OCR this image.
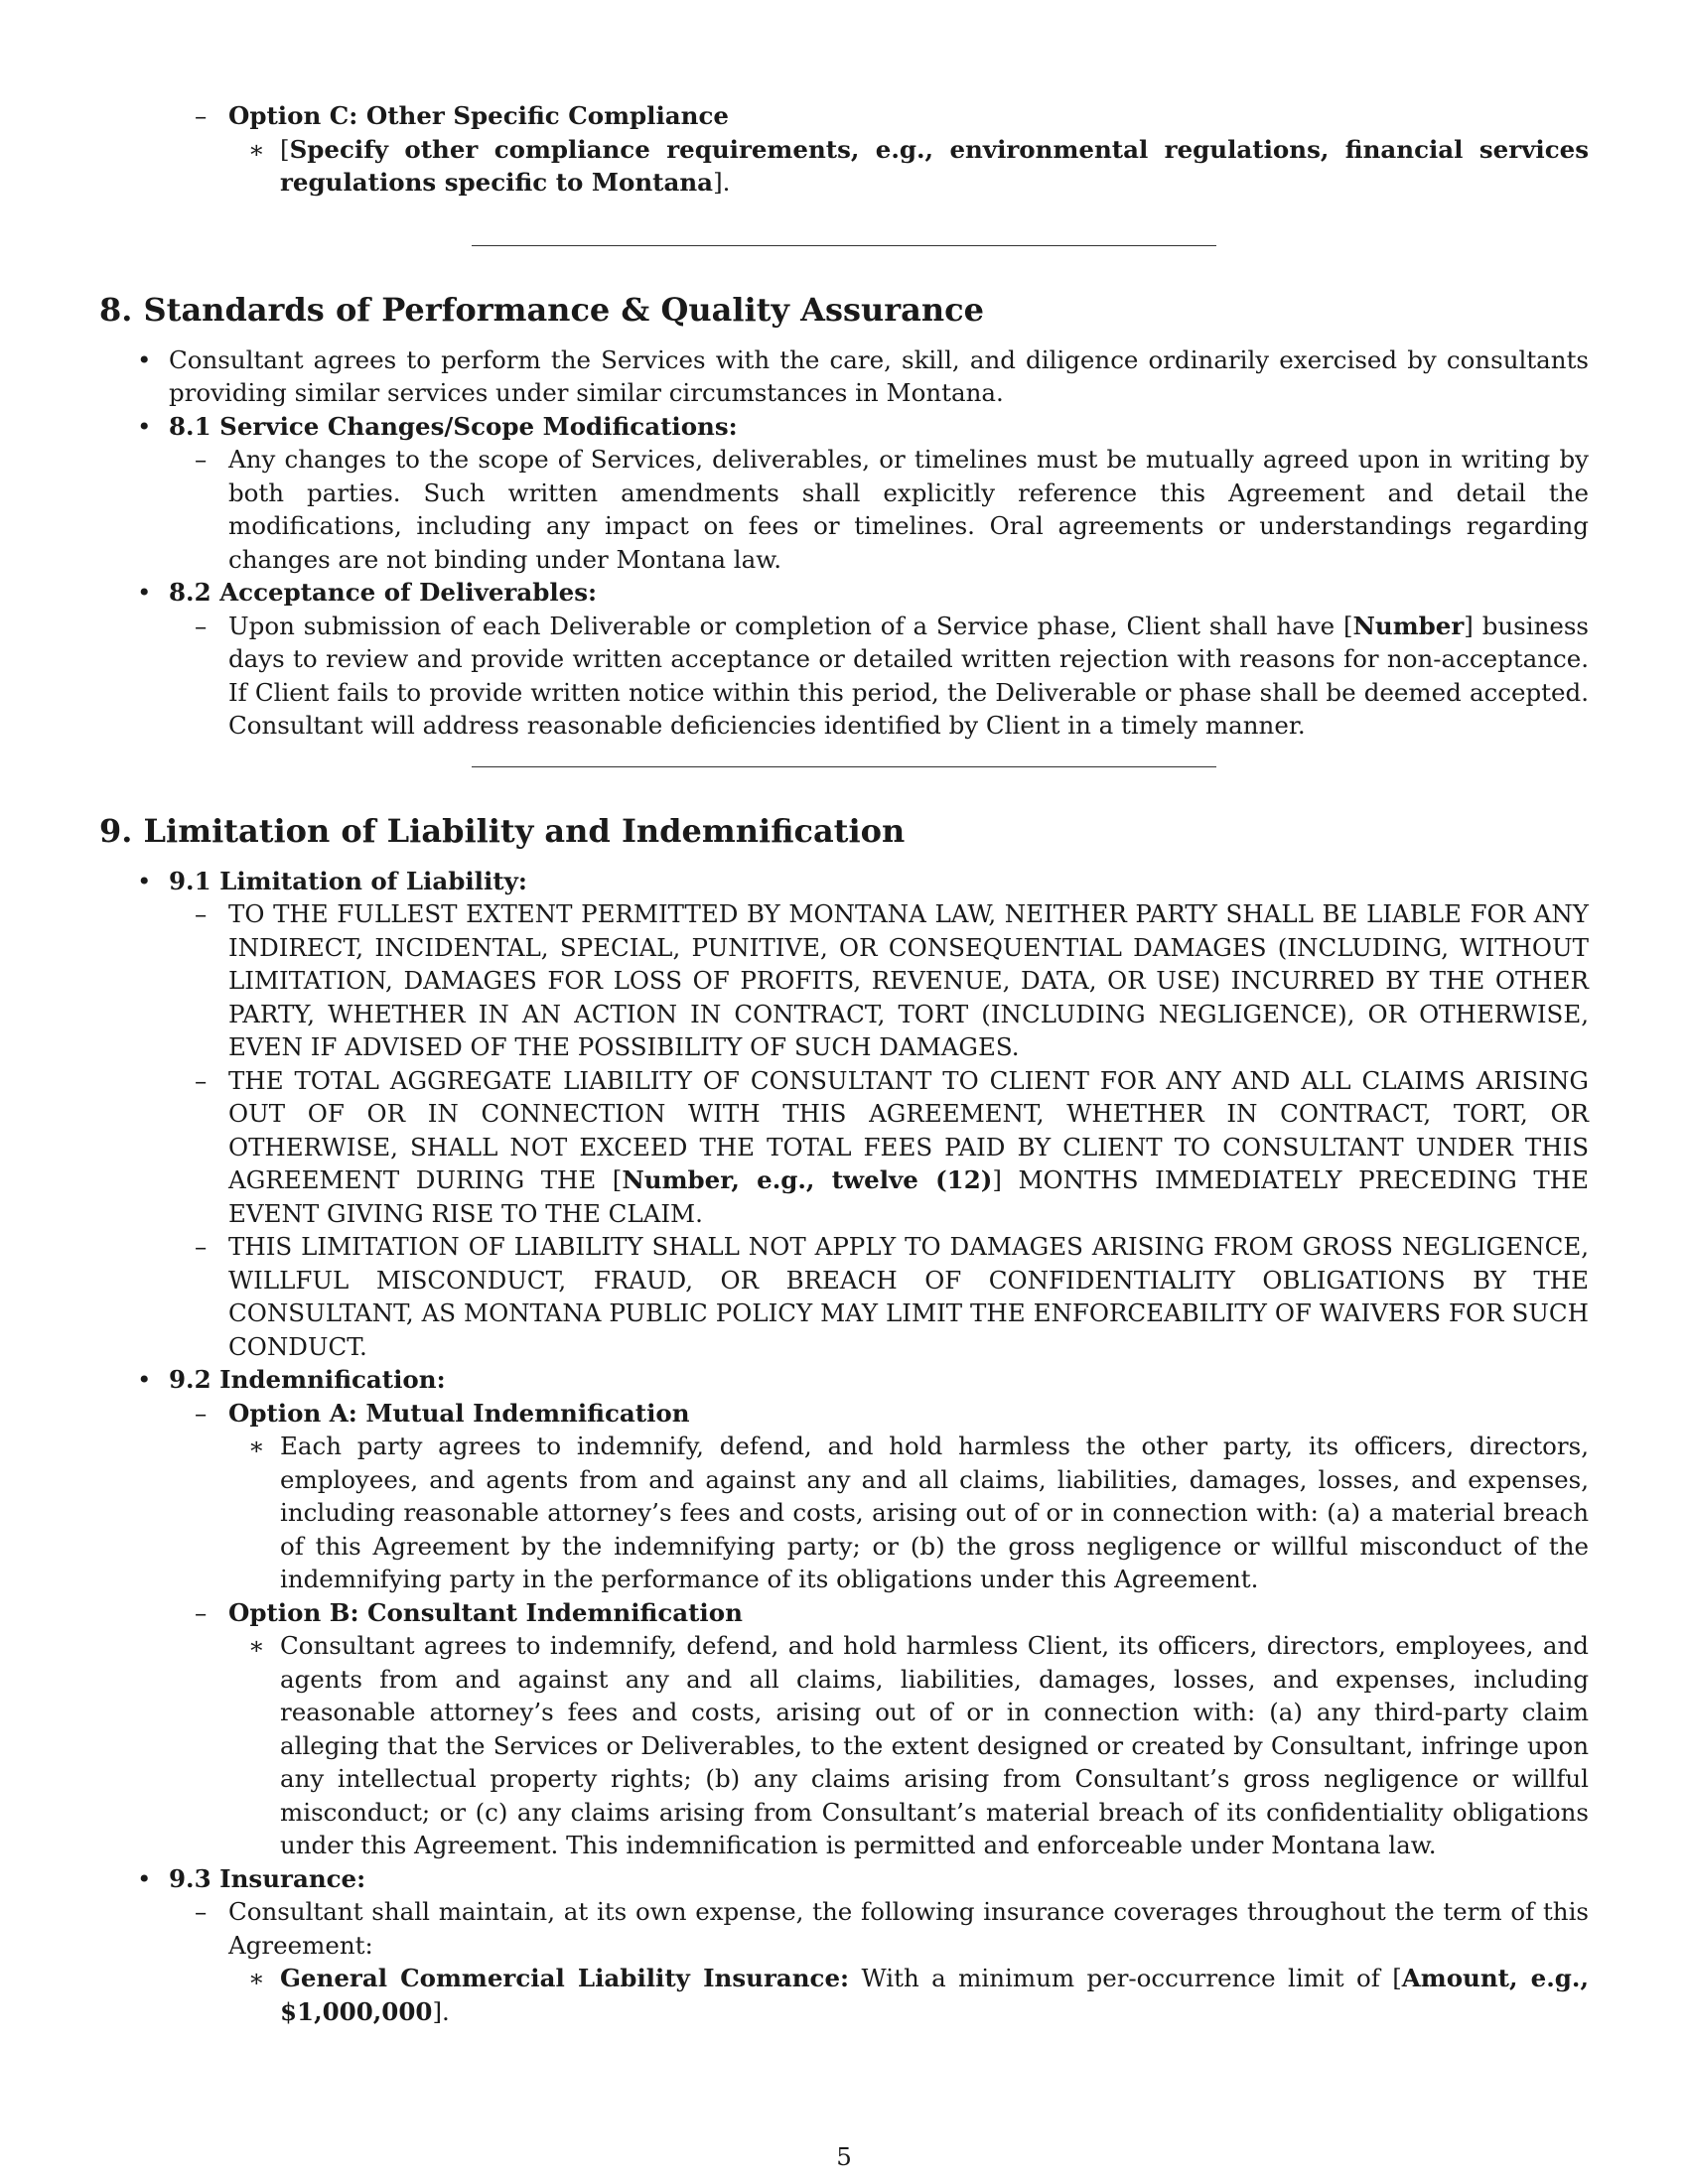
– Option C: Other Specific Compliance
∗ [Specify other compliance requirements, e.g., environmental regulations, financial services regulations specific to Montana].
8. Standards of Performance & Quality Assurance
• Consultant agrees to perform the Services with the care, skill, and diligence ordinarily exercised by consultants providing similar services under similar circumstances in Montana.
• 8.1 Service Changes/Scope Modifications:
– Any changes to the scope of Services, deliverables, or timelines must be mutually agreed upon in writing by both parties. Such written amendments shall explicitly reference this Agreement and detail the modifications, including any impact on fees or timelines. Oral agreements or understandings regarding changes are not binding under Montana law.
• 8.2 Acceptance of Deliverables:
– Upon submission of each Deliverable or completion of a Service phase, Client shall have [Number] business days to review and provide written acceptance or detailed written rejection with reasons for non-acceptance. If Client fails to provide written notice within this period, the Deliverable or phase shall be deemed accepted. Consultant will address reasonable deficiencies identified by Client in a timely manner.
9. Limitation of Liability and Indemnification
• 9.1 Limitation of Liability:
– TO THE FULLEST EXTENT PERMITTED BY MONTANA LAW, NEITHER PARTY SHALL BE LIABLE FOR ANY INDIRECT, INCIDENTAL, SPECIAL, PUNITIVE, OR CONSEQUENTIAL DAMAGES (INCLUDING, WITHOUT LIMITATION, DAMAGES FOR LOSS OF PROFITS, REVENUE, DATA, OR USE) INCURRED BY THE OTHER PARTY, WHETHER IN AN ACTION IN CONTRACT, TORT (INCLUDING NEGLIGENCE), OR OTHERWISE, EVEN IF ADVISED OF THE POSSIBILITY OF SUCH DAMAGES.
– THE TOTAL AGGREGATE LIABILITY OF CONSULTANT TO CLIENT FOR ANY AND ALL CLAIMS ARISING OUT OF OR IN CONNECTION WITH THIS AGREEMENT, WHETHER IN CONTRACT, TORT, OR OTHERWISE, SHALL NOT EXCEED THE TOTAL FEES PAID BY CLIENT TO CONSULTANT UNDER THIS AGREEMENT DURING THE [Number, e.g., twelve (12)] MONTHS IMMEDIATELY PRECEDING THE EVENT GIVING RISE TO THE CLAIM.
– THIS LIMITATION OF LIABILITY SHALL NOT APPLY TO DAMAGES ARISING FROM GROSS NEGLIGENCE, WILLFUL MISCONDUCT, FRAUD, OR BREACH OF CONFIDENTIALITY OBLIGATIONS BY THE CONSULTANT, AS MONTANA PUBLIC POLICY MAY LIMIT THE ENFORCEABILITY OF WAIVERS FOR SUCH CONDUCT.
• 9.2 Indemnification:
– Option A: Mutual Indemnification
∗ Each party agrees to indemnify, defend, and hold harmless the other party, its officers, directors, employees, and agents from and against any and all claims, liabilities, damages, losses, and expenses, including reasonable attorney’s fees and costs, arising out of or in connection with: (a) a material breach of this Agreement by the indemnifying party; or (b) the gross negligence or willful misconduct of the indemnifying party in the performance of its obligations under this Agreement.
– Option B: Consultant Indemnification
∗ Consultant agrees to indemnify, defend, and hold harmless Client, its officers, directors, employees, and agents from and against any and all claims, liabilities, damages, losses, and expenses, including reasonable attorney’s fees and costs, arising out of or in connection with: (a) any third-party claim alleging that the Services or Deliverables, to the extent designed or created by Consultant, infringe upon any intellectual property rights; (b) any claims arising from Consultant’s gross negligence or willful misconduct; or (c) any claims arising from Consultant’s material breach of its confidentiality obligations under this Agreement. This indemnification is permitted and enforceable under Montana law.
• 9.3 Insurance:
– Consultant shall maintain, at its own expense, the following insurance coverages throughout the term of this Agreement:
∗ General Commercial Liability Insurance: With a minimum per-occurrence limit of [Amount, e.g., $1,000,000].
5
